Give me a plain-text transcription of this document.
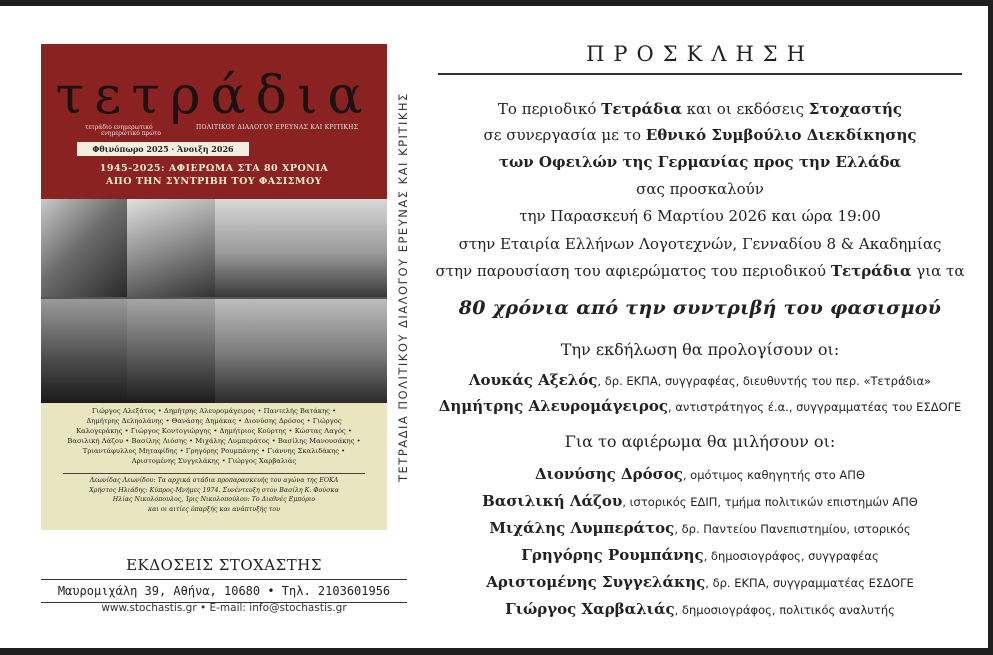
τετράδια
τετράδιο ενημερωτικό
ενημερωτικό πρώτο
ΠΟΛΙΤΙΚΟΥ ΔΙΑΛΟΓΟΥ ΕΡΕΥΝΑΣ ΚΑΙ ΚΡΙΤΙΚΗΣ
Φθινόπωρο 2025 · Άνοιξη 2026
1945-2025: ΑΦΙΕΡΩΜΑ ΣΤΑ 80 ΧΡΟΝΙΑ
ΑΠΟ ΤΗΝ ΣΥΝΤΡΙΒΗ ΤΟΥ ΦΑΣΙΣΜΟΥ
Γιώργος Αλεξάτος • Δημήτρης Αλευρομάγειρος • Παντελής Βατάκης •
Δημήτρης Δεληολάνης • Θανάσης Δημάκας • Διονύσης Δρόσος • Γιώργος
Καλογεράκης • Γιώργος Κοντογιώργης • Δημήτριος Κούρτης • Κώστας Λαγός •
Βασιλική Λάζου • Βασίλης Λιόσης • Μιχάλης Λυμπεράτος • Βασίλης Μανουσάκης •
Τριαντάφυλλος Μηταφίδης • Γρηγόρης Ρουμπάνης • Γιάννης Σκαλιδάκης •
Αριστομένης Συγγελάκης • Γιώργος Χαρβαλιάς
Λεωνίδας Λεωνίδου: Τα αρχικά στάδια προπαρασκευής του αγώνα της ΕΟΚΑ
Χρήστος Ηλιάδης: Κύπρος-Μνήμες 1974. Συνέντευξη στον Βασίλη Κ. Φούσκα
Ηλίας Νικολόπουλος, Ίρις Νικολοπούλου: Το Διεθνές Εμπόριο
και οι αιτίες ύπαρξής και ανάπτυξής του
ΤΕΤΡΑΔΙΑ ΠΟΛΙΤΙΚΟΥ ΔΙΑΛΟΓΟΥ ΕΡΕΥΝΑΣ ΚΑΙ ΚΡΙΤΙΚΗΣ
ΕΚΔΟΣΕΙΣ ΣΤΟΧΑΣΤΗΣ
Μαυρομιχάλη 39, Αθήνα, 10680 • Τηλ. 2103601956
www.stochastis.gr • E-mail: info@stochastis.gr
ΠΡΟΣΚΛΗΣΗ
Το περιοδικό Τετράδια και οι εκδόσεις Στοχαστής
σε συνεργασία με το Εθνικό Συμβούλιο Διεκδίκησης
των Οφειλών της Γερμανίας προς την Ελλάδα
σας προσκαλούν
την Παρασκευή 6 Μαρτίου 2026 και ώρα 19:00
στην Εταιρία Ελλήνων Λογοτεχνών, Γενναδίου 8 & Ακαδημίας
στην παρουσίαση του αφιερώματος του περιοδικού Τετράδια για τα
80 χρόνια από την συντριβή του φασισμού
Την εκδήλωση θα προλογίσουν οι:
Λουκάς Αξελός, δρ. ΕΚΠΑ, συγγραφέας, διευθυντής του περ. «Τετράδια»
Δημήτρης Αλευρομάγειρος, αντιστράτηγος έ.α., συγγραμματέας του ΕΣΔΟΓΕ
Για το αφιέρωμα θα μιλήσουν οι:
Διονύσης Δρόσος, ομότιμος καθηγητής στο ΑΠΘ
Βασιλική Λάζου, ιστορικός ΕΔΙΠ, τμήμα πολιτικών επιστημών ΑΠΘ
Μιχάλης Λυμπεράτος, δρ. Παντείου Πανεπιστημίου, ιστορικός
Γρηγόρης Ρουμπάνης, δημοσιογράφος, συγγραφέας
Αριστομένης Συγγελάκης, δρ. ΕΚΠΑ, συγγραμματέας ΕΣΔΟΓΕ
Γιώργος Χαρβαλιάς, δημοσιογράφος, πολιτικός αναλυτής
